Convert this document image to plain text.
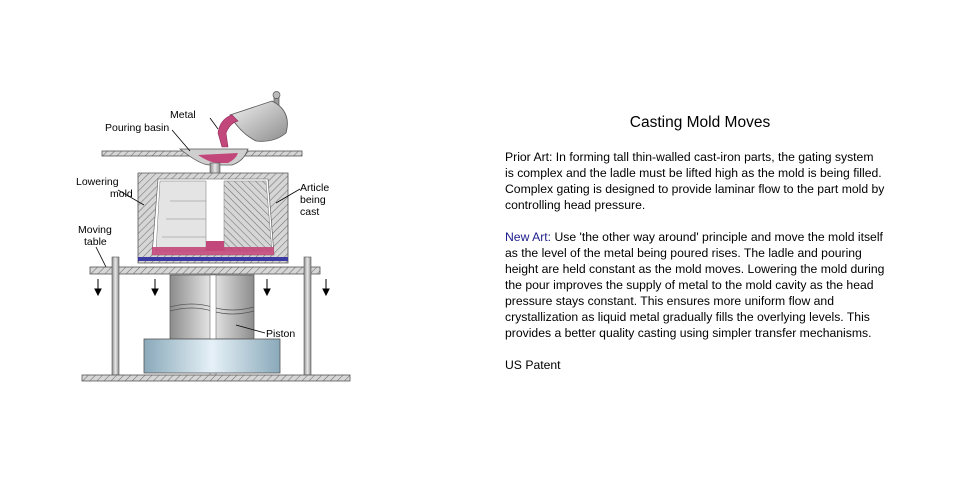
Metal
Pouring basin
Lowering
mold	Article
being
cast
Moving
table
Piston
Casting Mold Moves

Prior Art: In forming tall thin-walled cast-iron parts, the gating system is complex and the ladle must be lifted high as the mold is being filled. Complex gating is designed to provide laminar flow to the part mold by controlling head pressure.

New Art: Use 'the other way around' principle and move the mold itself as the level of the metal being poured rises. The ladle and pouring height are held constant as the mold moves. Lowering the mold during the pour improves the supply of metal to the mold cavity as the head pressure stays constant. This ensures more uniform flow and crystallization as liquid metal gradually fills the overlying levels. This provides a better quality casting using simpler transfer mechanisms.

US Patent
